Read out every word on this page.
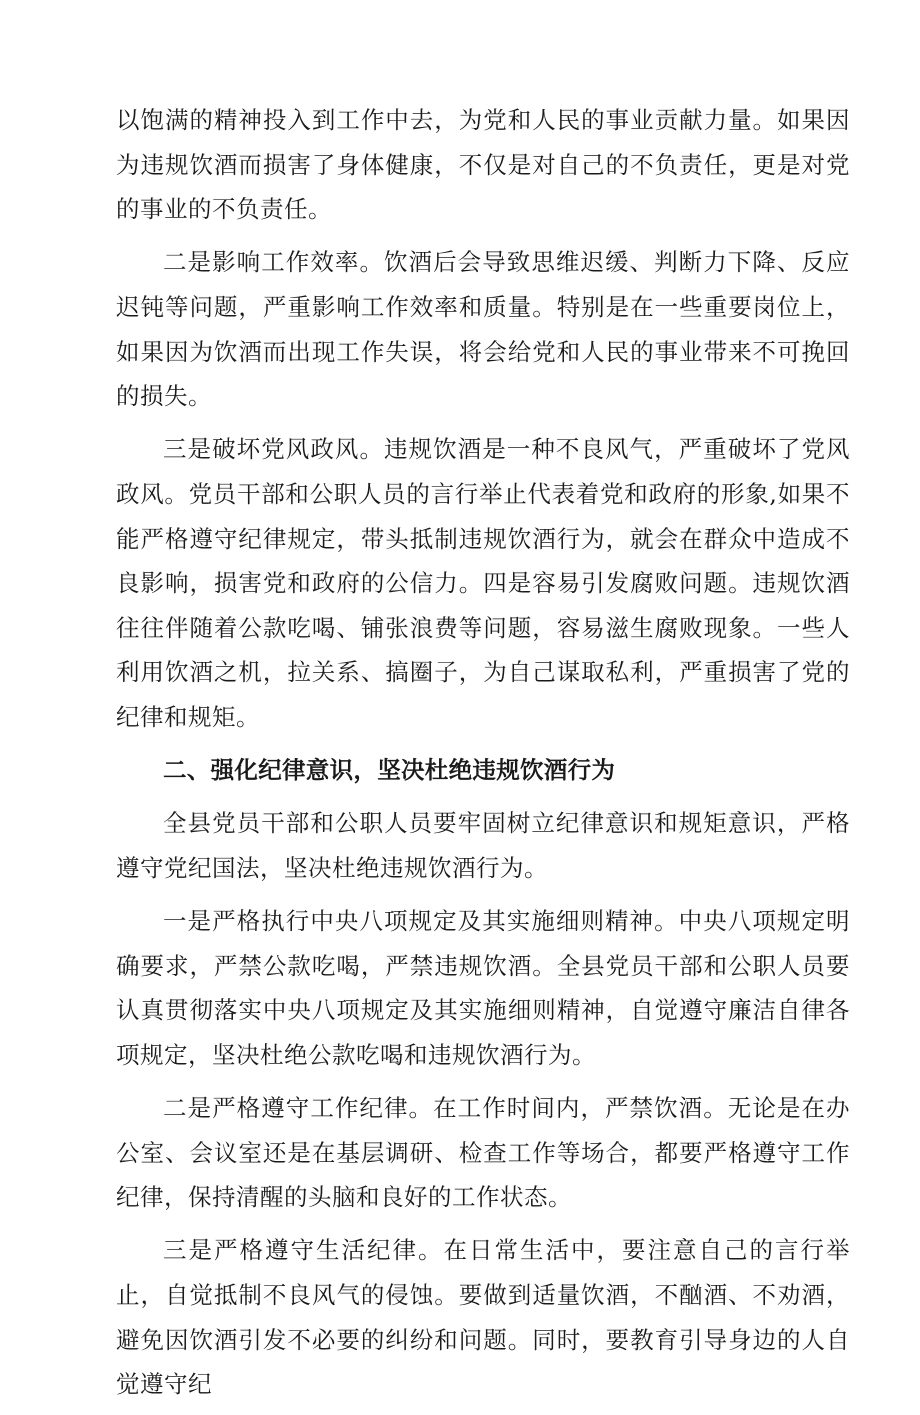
以饱满的精神投入到工作中去，为党和人民的事业贡献力量。如果因为违规饮酒而损害了身体健康，不仅是对自己的不负责任，更是对党的事业的不负责任。

二是影响工作效率。饮酒后会导致思维迟缓、判断力下降、反应迟钝等问题，严重影响工作效率和质量。特别是在一些重要岗位上，如果因为饮酒而出现工作失误，将会给党和人民的事业带来不可挽回的损失。

三是破坏党风政风。违规饮酒是一种不良风气，严重破坏了党风政风。党员干部和公职人员的言行举止代表着党和政府的形象,如果不能严格遵守纪律规定，带头抵制违规饮酒行为，就会在群众中造成不良影响，损害党和政府的公信力。四是容易引发腐败问题。违规饮酒往往伴随着公款吃喝、铺张浪费等问题，容易滋生腐败现象。一些人利用饮酒之机，拉关系、搞圈子，为自己谋取私利，严重损害了党的纪律和规矩。

二、强化纪律意识，坚决杜绝违规饮酒行为

全县党员干部和公职人员要牢固树立纪律意识和规矩意识，严格遵守党纪国法，坚决杜绝违规饮酒行为。

一是严格执行中央八项规定及其实施细则精神。中央八项规定明确要求，严禁公款吃喝，严禁违规饮酒。全县党员干部和公职人员要认真贯彻落实中央八项规定及其实施细则精神，自觉遵守廉洁自律各项规定，坚决杜绝公款吃喝和违规饮酒行为。

二是严格遵守工作纪律。在工作时间内，严禁饮酒。无论是在办公室、会议室还是在基层调研、检查工作等场合，都要严格遵守工作纪律，保持清醒的头脑和良好的工作状态。

三是严格遵守生活纪律。在日常生活中，要注意自己的言行举止，自觉抵制不良风气的侵蚀。要做到适量饮酒，不酗酒、不劝酒，避免因饮酒引发不必要的纠纷和问题。同时，要教育引导身边的人自觉遵守纪
